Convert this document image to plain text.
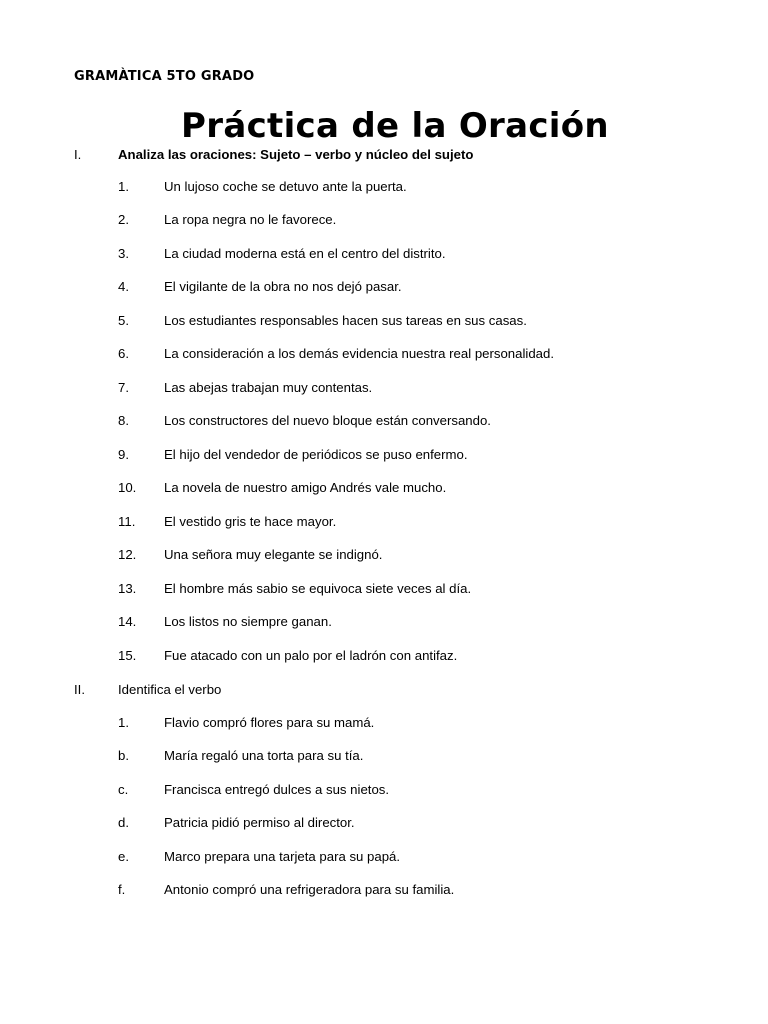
GRAMÀTICA 5TO GRADO
Práctica de la Oración
I.	Analiza las oraciones: Sujeto – verbo y núcleo del sujeto
1.	Un lujoso coche se detuvo ante la puerta.
2.	La ropa negra no le favorece.
3.	La ciudad moderna está en el centro del distrito.
4.	El vigilante de la obra no nos dejó pasar.
5.	Los estudiantes responsables hacen sus tareas en sus casas.
6.	La consideración a los demás evidencia nuestra real personalidad.
7.	Las abejas trabajan muy contentas.
8.	Los constructores del nuevo bloque están conversando.
9.	El hijo del vendedor de periódicos se puso enfermo.
10. La novela de nuestro amigo Andrés vale mucho.
11. El vestido gris te hace mayor.
12. Una señora muy elegante se indignó.
13. El hombre más sabio se equivoca siete veces al día.
14. Los listos no siempre ganan.
15. Fue atacado con un palo por el ladrón con antifaz.
II.	Identifica el verbo
1.	Flavio compró flores para su mamá.
b.	María regaló una torta para su tía.
c.	Francisca entregó dulces a sus nietos.
d.	Patricia pidió permiso al director.
e.	Marco prepara una tarjeta para su papá.
f.	Antonio compró una refrigeradora para su familia.
